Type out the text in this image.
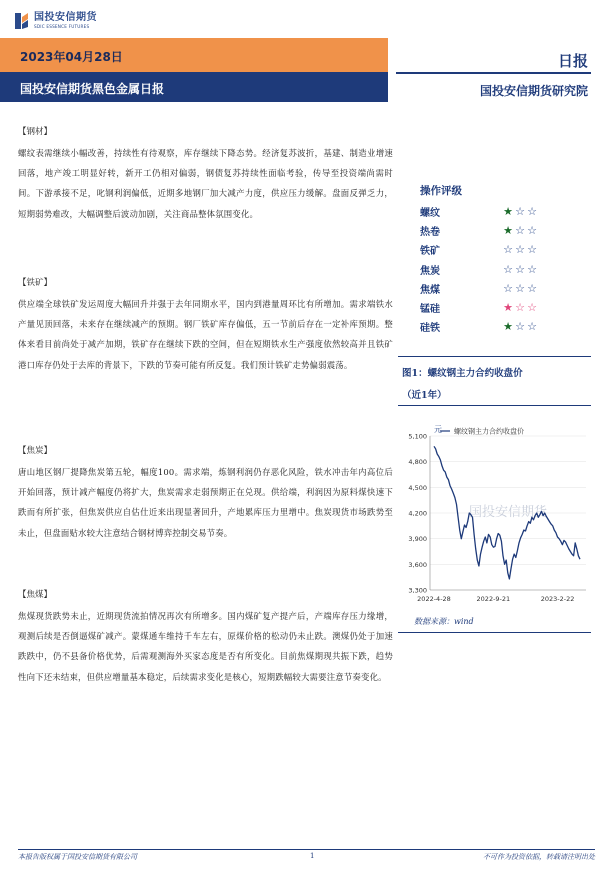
国投安信期货
SDIC ESSENCE FUTURES
2023年04月28日
国投安信期货黑色金属日报
日报
国投安信期货研究院
【钢材】
螺纹表需继续小幅改善，持续性有待观察，库存继续下降态势。经济复苏波折，基建、制造业增速回落，地产竣工明显好转，新开工仍相对偏弱，钢债复苏持续性面临考验，传导至投资端尚需时间。下游承接不足，叱钢利润偏低，近期多地钢厂加大减产力度，供应压力缓解。盘面反弹乏力，短期弱势难改，大幅调整后波动加剧，关注商品整体氛围变化。
【铁矿】
供应端全球铁矿发运周度大幅回升并强于去年同期水平，国内到港量周环比有所增加。需求端铁水产量见顶回落，未来存在继续减产的预期。钢厂铁矿库存偏低，五一节前后存在一定补库预期。整体来看目前尚处于减产加期，铁矿存在继续下跌的空间，但在短期铁水生产强度依然较高并且铁矿港口库存仍处于去库的背景下，下跌的节奏可能有所反复。我们预计铁矿走势偏弱震荡。
【焦炭】
唐山地区钢厂提降焦炭第五轮，幅度100。需求端，炼钢利润仍存恶化风险，铁水冲击年内高位后开始回落，预计减产幅度仍将扩大，焦炭需求走弱预期正在兑现。供给端，利润因为原料煤快速下跌而有所扩张，但焦炭供应自估仕近来出现显著回升，产地累库压力里增中。焦炭现货市场跌势至未止，但盘面贴水较大注意结合钢材博弈控制交易节奏。
【焦煤】
焦煤现货跌势未止，近期现货流拍情况再次有所增多。国内煤矿复产提产后，产端库存压力缘增，观测后续是否倒逼煤矿减产。蒙煤通车维持千车左右，原煤价格的松动仍未止跌。澳煤仍处于加速跌跌中，仍不县备价格优势，后需观测海外买家态度是否有所变化。目前焦煤期现共振下跌，趋势性向下还未结束，但供应增量基本稳定，后续需求变化是核心，短期跌幅较大需要注意节奏变化。
操作评级
螺纹	★ ☆ ☆
热卷	★ ☆ ☆
铁矿	☆ ☆ ☆
焦炭	☆ ☆ ☆
焦煤	☆ ☆ ☆
锰硅	★ ☆ ☆
硅铁	★ ☆ ☆
图1：螺纹钢主力合约收盘价
（近1年）
国投安信期货
3,300
3,600
3,900
4,200
4,500
4,800
5,100
元 螺纹钢主力合约收盘价
2022-4-28	2022-9-21	2023-2-22
数据来源：wind
本报告版权属于国投安信期货有限公司	1	不可作为投资依据，转载请注明出处
